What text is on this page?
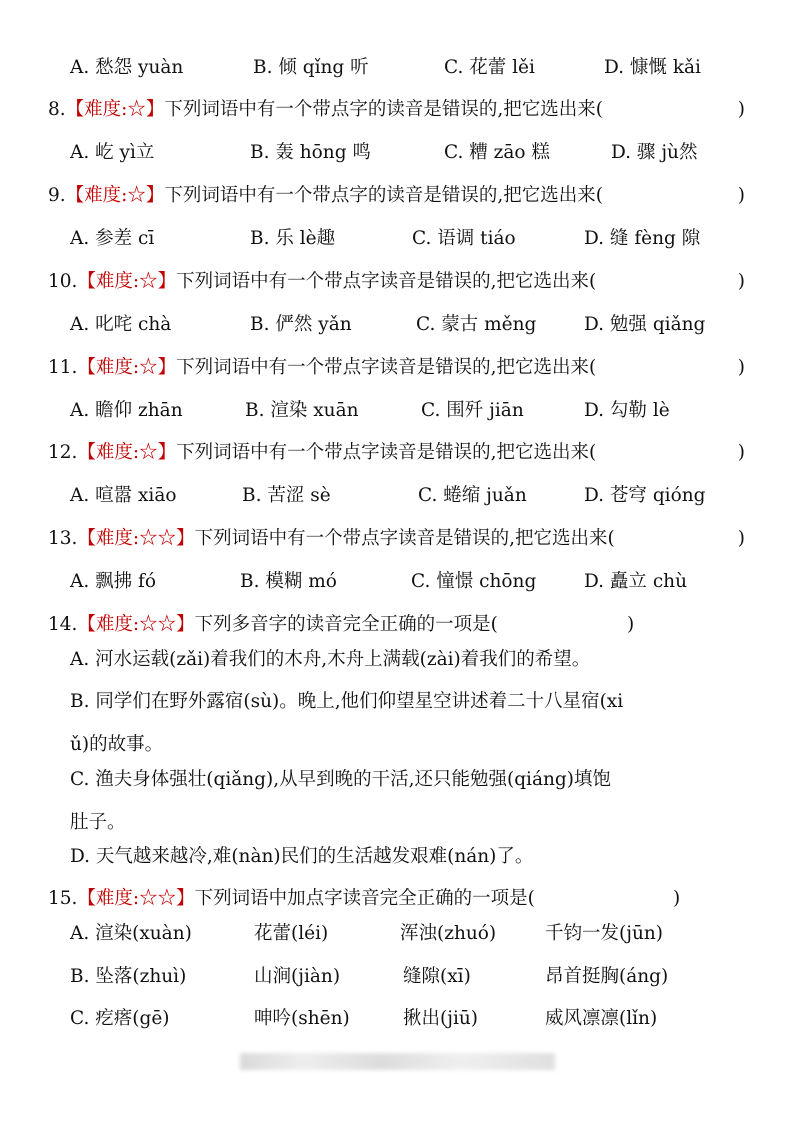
A. 愁怨 yuàn	B. 倾 qǐng 听	C. 花蕾 lěi	D. 慷慨 kǎi
8.【难度:☆】下列词语中有一个带点字的读音是错误的,把它选出来(	)
A. 屹 yì立	B. 轰 hōng 鸣	C. 糟 zāo 糕	D. 骤 jù然
9.【难度:☆】下列词语中有一个带点字的读音是错误的,把它选出来(	)
A. 参差 cī	B. 乐 lè趣	C. 语调 tiáo	D. 缝 fèng 隙
10.【难度:☆】下列词语中有一个带点字读音是错误的,把它选出来(	)
A. 叱咤 chà	B. 俨然 yǎn	C. 蒙古 měng	D. 勉强 qiǎng
11.【难度:☆】下列词语中有一个带点字读音是错误的,把它选出来(	)
A. 瞻仰 zhān	B. 渲染 xuān	C. 围歼 jiān	D. 勾勒 lè
12.【难度:☆】下列词语中有一个带点字读音是错误的,把它选出来(	)
A. 喧嚣 xiāo	B. 苦涩 sè	C. 蜷缩 juǎn	D. 苍穹 qióng
13.【难度:☆☆】下列词语中有一个带点字读音是错误的,把它选出来(	)
A. 飘拂 fó	B. 模糊 mó	C. 憧憬 chōng	D. 矗立 chù
14.【难度:☆☆】下列多音字的读音完全正确的一项是(	)
A. 河水运载(zǎi)着我们的木舟,木舟上满载(zài)着我们的希望。
B. 同学们在野外露宿(sù)。晚上,他们仰望星空讲述着二十八星宿(xi
ǔ)的故事。
C. 渔夫身体强壮(qiǎng),从早到晚的干活,还只能勉强(qiáng)填饱
肚子。
D. 天气越来越冷,难(nàn)民们的生活越发艰难(nán)了。
15.【难度:☆☆】下列词语中加点字读音完全正确的一项是(	)
A. 渲染(xuàn)	花蕾(léi)	浑浊(zhuó)	千钧一发(jūn)
B. 坠落(zhuì)	山涧(jiàn)	缝隙(xī)	昂首挺胸(áng)
C. 疙瘩(gē)	呻吟(shēn)	揪出(jiū)	威风凛凛(lǐn)
